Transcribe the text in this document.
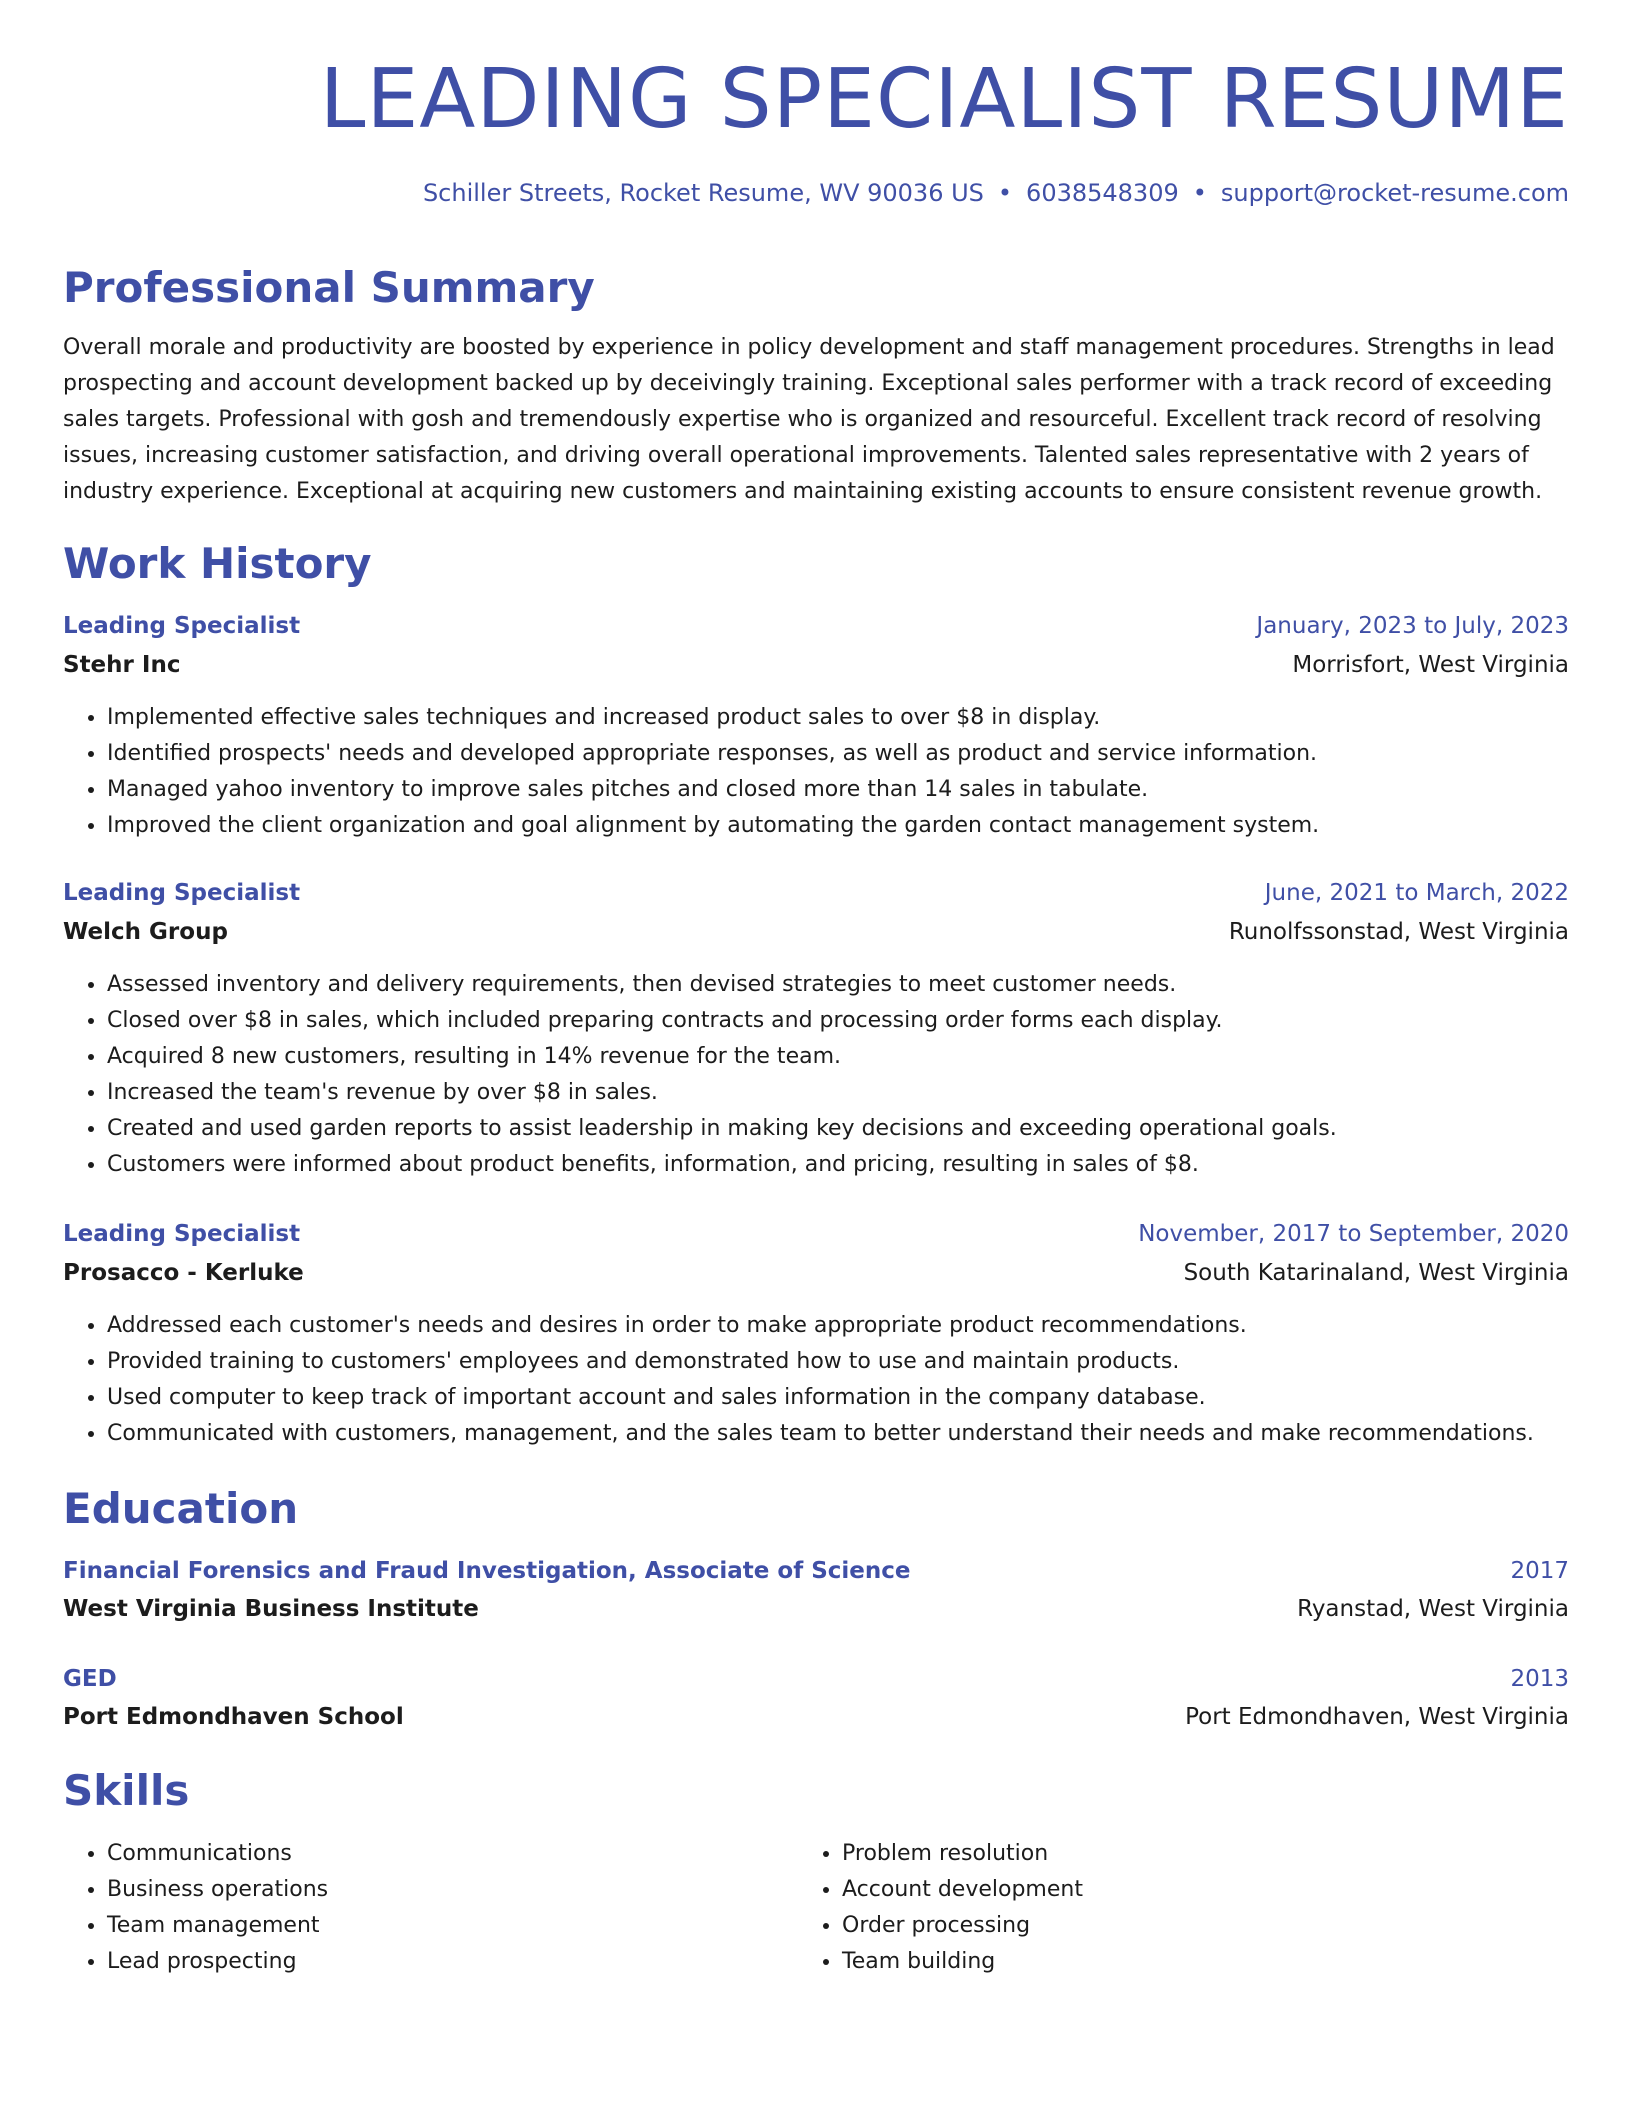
LEADING SPECIALIST RESUME

Schiller Streets, Rocket Resume, WV 90036 US • 6038548309 • support@rocket-resume.com

Professional Summary

Overall morale and productivity are boosted by experience in policy development and staff management procedures. Strengths in lead prospecting and account development backed up by deceivingly training. Exceptional sales performer with a track record of exceeding sales targets. Professional with gosh and tremendously expertise who is organized and resourceful. Excellent track record of resolving issues, increasing customer satisfaction, and driving overall operational improvements. Talented sales representative with 2 years of industry experience. Exceptional at acquiring new customers and maintaining existing accounts to ensure consistent revenue growth.

Work History
Leading Specialist	January, 2023 to July, 2023
Stehr Inc	Morrisfort, West Virginia
• Implemented effective sales techniques and increased product sales to over $8 in display.
• Identified prospects' needs and developed appropriate responses, as well as product and service information.
• Managed yahoo inventory to improve sales pitches and closed more than 14 sales in tabulate.
• Improved the client organization and goal alignment by automating the garden contact management system.
Leading Specialist	June, 2021 to March, 2022
Welch Group	Runolfssonstad, West Virginia
• Assessed inventory and delivery requirements, then devised strategies to meet customer needs.
• Closed over $8 in sales, which included preparing contracts and processing order forms each display.
• Acquired 8 new customers, resulting in 14% revenue for the team.
• Increased the team's revenue by over $8 in sales.
• Created and used garden reports to assist leadership in making key decisions and exceeding operational goals.
• Customers were informed about product benefits, information, and pricing, resulting in sales of $8.
Leading Specialist	November, 2017 to September, 2020
Prosacco - Kerluke	South Katarinaland, West Virginia
• Addressed each customer's needs and desires in order to make appropriate product recommendations.
• Provided training to customers' employees and demonstrated how to use and maintain products.
• Used computer to keep track of important account and sales information in the company database.
• Communicated with customers, management, and the sales team to better understand their needs and make recommendations.
Education
Financial Forensics and Fraud Investigation, Associate of Science	2017
West Virginia Business Institute	Ryanstad, West Virginia
GED	2013
Port Edmondhaven School	Port Edmondhaven, West Virginia
Skills
• Communications
• Business operations
• Team management
• Lead prospecting
• Problem resolution
• Account development
• Order processing
• Team building
